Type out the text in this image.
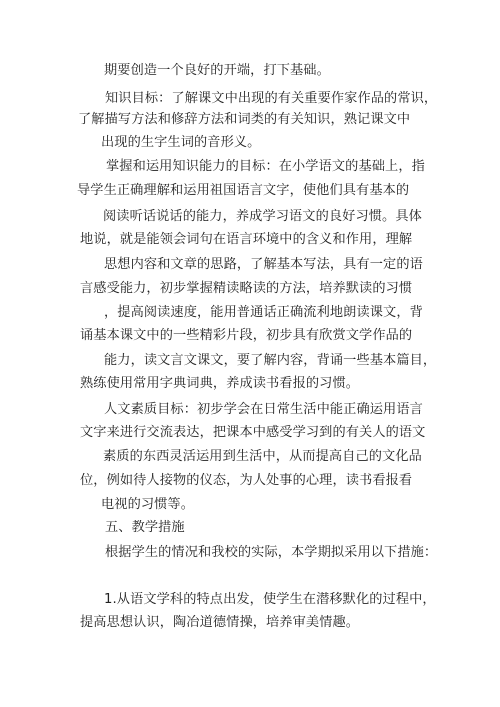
期要创造一个良好的开端，打下基础。
知识目标：了解课文中出现的有关重要作家作品的常识，
了解描写方法和修辞方法和词类的有关知识，熟记课文中
出现的生字生词的音形义。
掌握和运用知识能力的目标：在小学语文的基础上，指
导学生正确理解和运用祖国语言文字，使他们具有基本的
阅读听话说话的能力，养成学习语文的良好习惯。具体
地说，就是能领会词句在语言环境中的含义和作用，理解
思想内容和文章的思路，了解基本写法，具有一定的语
言感受能力，初步掌握精读略读的方法，培养默读的习惯
，提高阅读速度，能用普通话正确流利地朗读课文，背
诵基本课文中的一些精彩片段，初步具有欣赏文学作品的
能力，读文言文课文，要了解内容，背诵一些基本篇目，
熟练使用常用字典词典，养成读书看报的习惯。
人文素质目标：初步学会在日常生活中能正确运用语言
文字来进行交流表达，把课本中感受学习到的有关人的语文
素质的东西灵活运用到生活中，从而提高自己的文化品
位，例如待人接物的仪态，为人处事的心理，读书看报看
电视的习惯等。
五、教学措施
根据学生的情况和我校的实际，本学期拟采用以下措施：
1.从语文学科的特点出发，使学生在潜移默化的过程中，
提高思想认识，陶冶道德情操，培养审美情趣。
